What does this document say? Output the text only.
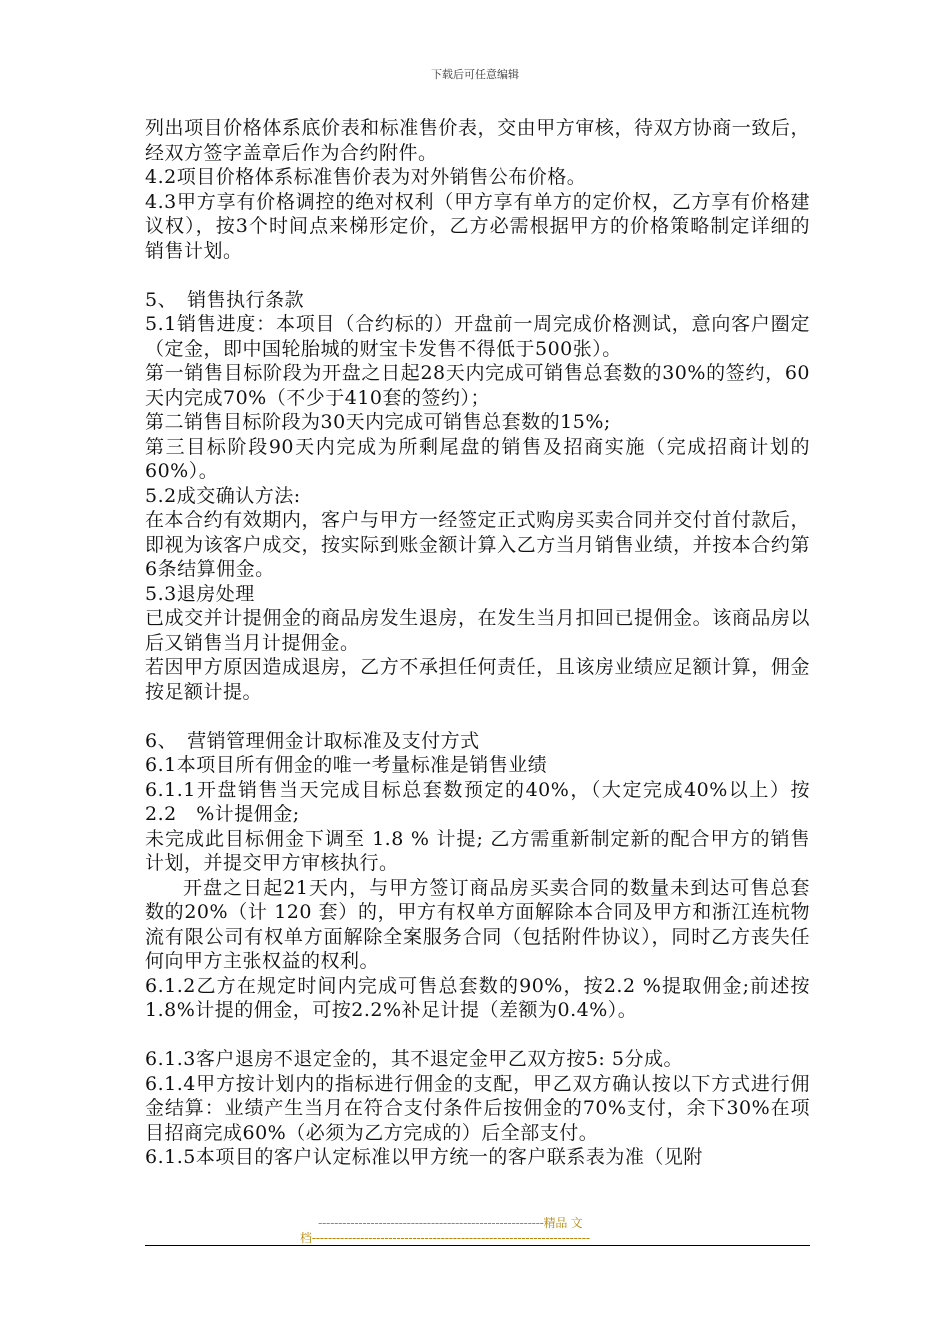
下载后可任意编辑

列出项目价格体系底价表和标准售价表，交由甲方审核，待双方协商一致后，经双方签字盖章后作为合约附件。

4.2项目价格体系标准售价表为对外销售公布价格。

4.3甲方享有价格调控的绝对权利（甲方享有单方的定价权，乙方享有价格建议权），按3个时间点来梯形定价，乙方必需根据甲方的价格策略制定详细的销售计划。

5、　销售执行条款

5.1销售进度：本项目（合约标的）开盘前一周完成价格测试，意向客户圈定（定金，即中国轮胎城的财宝卡发售不得低于500张）。

第一销售目标阶段为开盘之日起28天内完成可销售总套数的30%的签约，60天内完成70%（不少于410套的签约）；

第二销售目标阶段为30天内完成可销售总套数的15%;

第三目标阶段90天内完成为所剩尾盘的销售及招商实施（完成招商计划的60%）。

5.2成交确认方法:

在本合约有效期内，客户与甲方一经签定正式购房买卖合同并交付首付款后，即视为该客户成交，按实际到账金额计算入乙方当月销售业绩，并按本合约第6条结算佣金。

5.3退房处理

已成交并计提佣金的商品房发生退房，在发生当月扣回已提佣金。该商品房以后又销售当月计提佣金。

若因甲方原因造成退房，乙方不承担任何责任，且该房业绩应足额计算，佣金按足额计提。

6、　营销管理佣金计取标准及支付方式

6.1本项目所有佣金的唯一考量标准是销售业绩

6.1.1开盘销售当天完成目标总套数预定的40%，（大定完成40%以上）按 2.2　%计提佣金;

未完成此目标佣金下调至 1.8 % 计提; 乙方需重新制定新的配合甲方的销售计划，并提交甲方审核执行。

开盘之日起21天内，与甲方签订商品房买卖合同的数量未到达可售总套数的20%（计 120 套）的，甲方有权单方面解除本合同及甲方和浙江连杭物流有限公司有权单方面解除全案服务合同（包括附件协议），同时乙方丧失任何向甲方主张权益的权利。

6.1.2乙方在规定时间内完成可售总套数的90%，按2.2 %提取佣金;前述按1.8%计提的佣金，可按2.2%补足计提（差额为0.4%）。

6.1.3客户退房不退定金的，其不退定金甲乙双方按5: 5分成。

6.1.4甲方按计划内的指标进行佣金的支配，甲乙双方确认按以下方式进行佣金结算：业绩产生当月在符合支付条件后按佣金的70%支付，余下30%在项目招商完成60%（必须为乙方完成的）后全部支付。

6.1.5本项目的客户认定标准以甲方统一的客户联系表为准（见附

--------------------------------------------------------精品 文
档---------------------------------------------------------------------
